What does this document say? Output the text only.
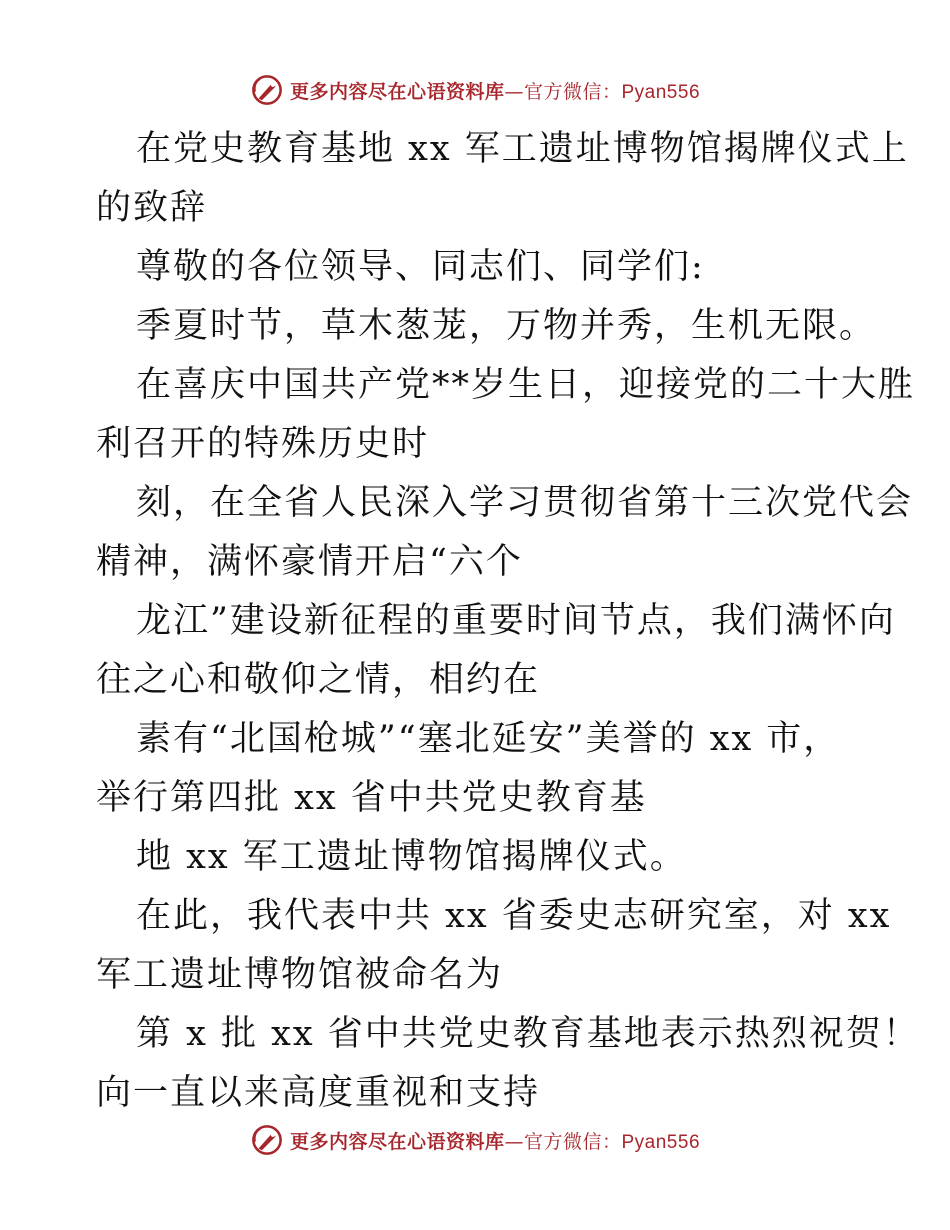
更多内容尽在心语资料库—官方微信：Pyan556
在党史教育基地 xx 军工遗址博物馆揭牌仪式上
的致辞
尊敬的各位领导、同志们、同学们:
季夏时节，草木葱茏，万物并秀，生机无限。
在喜庆中国共产党**岁生日，迎接党的二十大胜
利召开的特殊历史时
刻，在全省人民深入学习贯彻省第十三次党代会
精神，满怀豪情开启“六个
龙江”建设新征程的重要时间节点，我们满怀向
往之心和敬仰之情，相约在
素有“北国枪城”“塞北延安”美誉的 xx 市，
举行第四批 xx 省中共党史教育基
地 xx 军工遗址博物馆揭牌仪式。
在此，我代表中共 xx 省委史志研究室，对 xx
军工遗址博物馆被命名为
第 x 批 xx 省中共党史教育基地表示热烈祝贺！
向一直以来高度重视和支持
更多内容尽在心语资料库—官方微信：Pyan556
